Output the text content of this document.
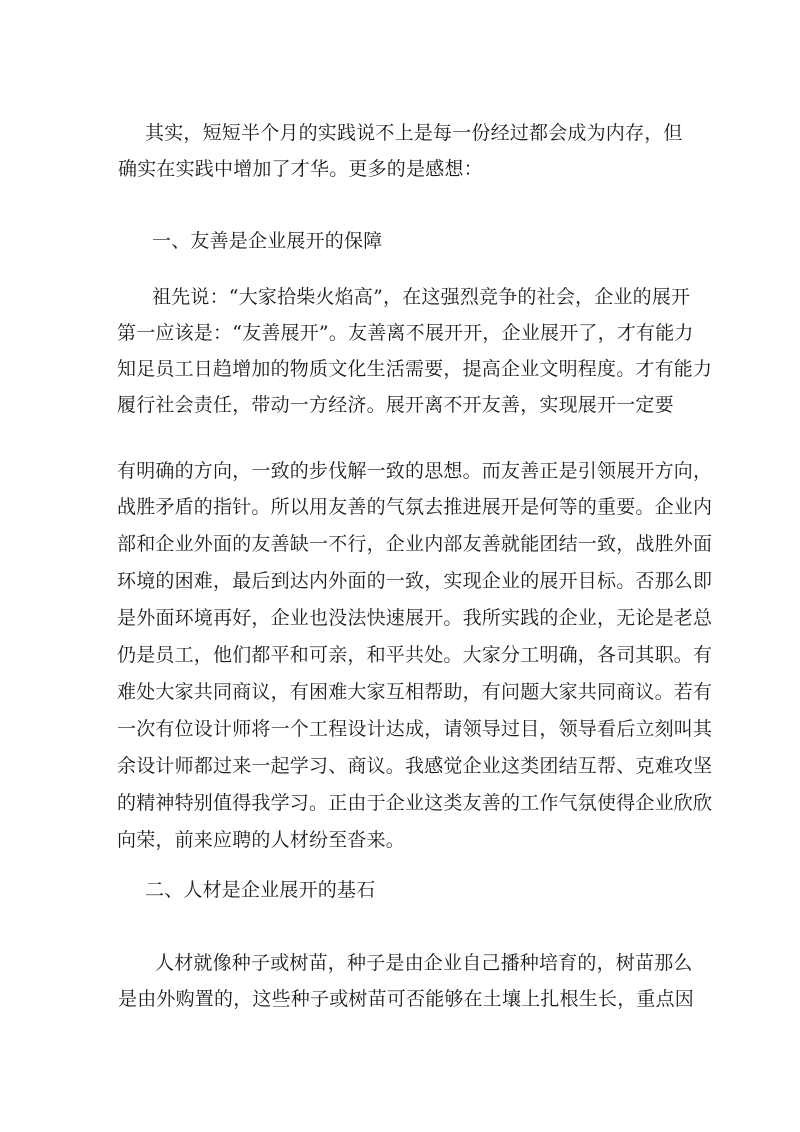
其实，短短半个月的实践说不上是每一份经过都会成为内存，但
确实在实践中增加了才华。更多的是感想：
一、友善是企业展开的保障
祖先说：“大家拾柴火焰高”，在这强烈竞争的社会，企业的展开
第一应该是：“友善展开”。友善离不展开开，企业展开了，才有能力
知足员工日趋增加的物质文化生活需要，提高企业文明程度。才有能力
履行社会责任，带动一方经济。展开离不开友善，实现展开一定要
有明确的方向，一致的步伐解一致的思想。而友善正是引领展开方向，
战胜矛盾的指针。所以用友善的气氛去推进展开是何等的重要。企业内
部和企业外面的友善缺一不行，企业内部友善就能团结一致，战胜外面
环境的困难，最后到达内外面的一致，实现企业的展开目标。否那么即
是外面环境再好，企业也没法快速展开。我所实践的企业，无论是老总
仍是员工，他们都平和可亲，和平共处。大家分工明确，各司其职。有
难处大家共同商议，有困难大家互相帮助，有问题大家共同商议。若有
一次有位设计师将一个工程设计达成，请领导过目，领导看后立刻叫其
余设计师都过来一起学习、商议。我感觉企业这类团结互帮、克难攻坚
的精神特别值得我学习。正由于企业这类友善的工作气氛使得企业欣欣
向荣，前来应聘的人材纷至沓来。
二、人材是企业展开的基石
人材就像种子或树苗，种子是由企业自己播种培育的，树苗那么
是由外购置的，这些种子或树苗可否能够在土壤上扎根生长，重点因
